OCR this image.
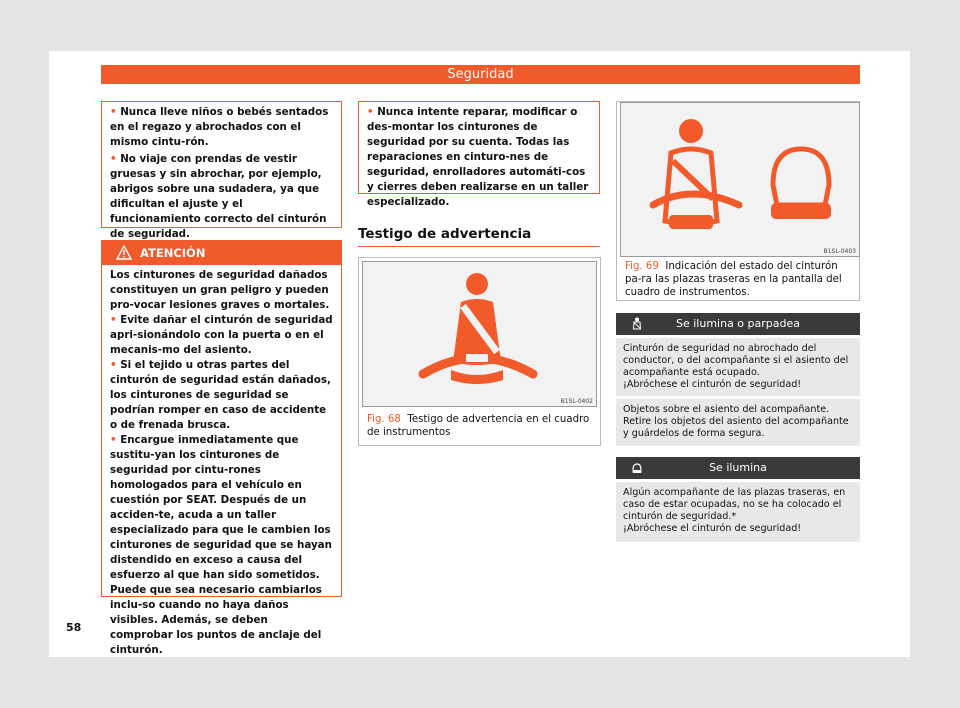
Seguridad

• Nunca lleve niños o bebés sentados en el regazo y abrochados con el mismo cintu-rón.

• No viaje con prendas de vestir gruesas y sin abrochar, por ejemplo, abrigos sobre una sudadera, ya que dificultan el ajuste y el funcionamiento correcto del cinturón de seguridad.

ATENCIÓN

Los cinturones de seguridad dañados constituyen un gran peligro y pueden pro-vocar lesiones graves o mortales.

• Evite dañar el cinturón de seguridad apri-sionándolo con la puerta o en el mecanis-mo del asiento.

• Si el tejido u otras partes del cinturón de seguridad están dañados, los cinturones de seguridad se podrían romper en caso de accidente o de frenada brusca.

• Encargue inmediatamente que sustitu-yan los cinturones de seguridad por cintu-rones homologados para el vehículo en cuestión por SEAT. Después de un acciden-te, acuda a un taller especializado para que le cambien los cinturones de seguridad que se hayan distendido en exceso a causa del esfuerzo al que han sido sometidos. Puede que sea necesario cambiarlos inclu-so cuando no haya daños visibles. Además, se deben comprobar los puntos de anclaje del cinturón.

• Nunca intente reparar, modificar o des-montar los cinturones de seguridad por su cuenta. Todas las reparaciones en cinturo-nes de seguridad, enrolladores automáti-cos y cierres deben realizarse en un taller especializado.

Testigo de advertencia
B1SL-0402
Fig. 68 Testigo de advertencia en el cuadro de instrumentos
B1SL-0403
Fig. 69 Indicación del estado del cinturón pa-ra las plazas traseras en la pantalla del cuadro de instrumentos.
Se ilumina o parpadea

Cinturón de seguridad no abrochado del conductor, o del acompañante si el asiento del acompañante está ocupado.

¡Abróchese el cinturón de seguridad!

Objetos sobre el asiento del acompañante.

Retire los objetos del asiento del acompañante y guárdelos de forma segura.

Se ilumina

Algún acompañante de las plazas traseras, en caso de estar ocupadas, no se ha colocado el cinturón de seguridad.*

¡Abróchese el cinturón de seguridad!

58
